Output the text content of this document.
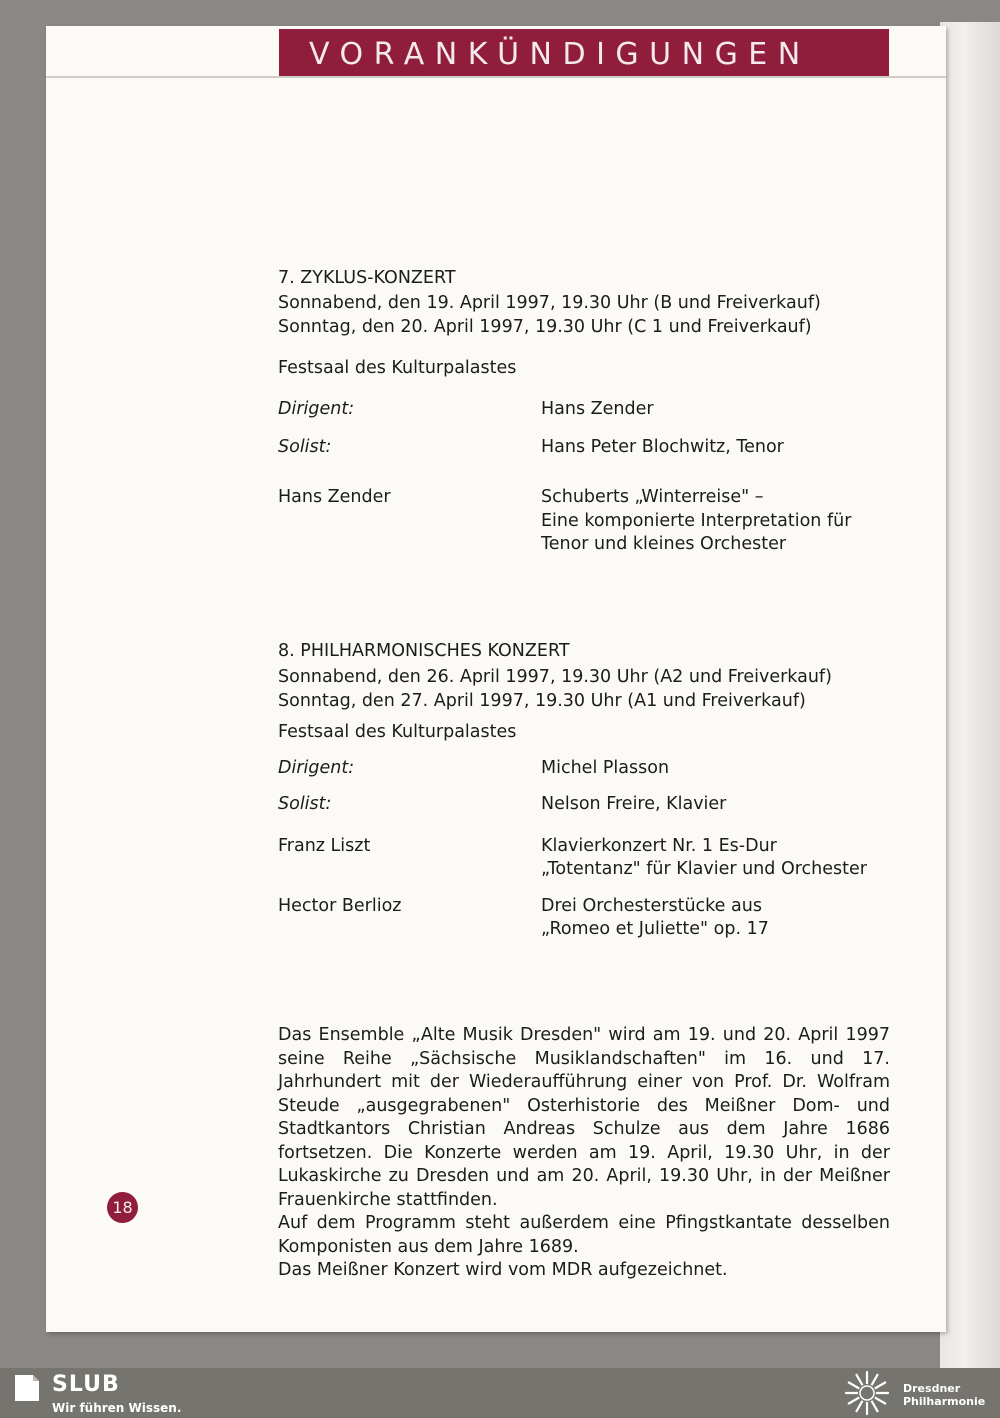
VORANKÜNDIGUNGEN
7. ZYKLUS-KONZERT
Sonnabend, den 19. April 1997, 19.30 Uhr (B und Freiverkauf)
Sonntag, den 20. April 1997, 19.30 Uhr (C 1 und Freiverkauf)
Festsaal des Kulturpalastes
Dirigent:	Hans Zender
Solist:	Hans Peter Blochwitz, Tenor
Hans Zender	Schuberts „Winterreise" –
Eine komponierte Interpretation für
Tenor und kleines Orchester
8. PHILHARMONISCHES KONZERT
Sonnabend, den 26. April 1997, 19.30 Uhr (A2 und Freiverkauf)
Sonntag, den 27. April 1997, 19.30 Uhr (A1 und Freiverkauf)
Festsaal des Kulturpalastes
Dirigent:	Michel Plasson
Solist:	Nelson Freire, Klavier
Franz Liszt	Klavierkonzert Nr. 1 Es-Dur
„Totentanz" für Klavier und Orchester
Hector Berlioz	Drei Orchesterstücke aus
„Romeo et Juliette" op. 17

Das Ensemble „Alte Musik Dresden" wird am 19. und 20. April 1997 seine Reihe „Sächsische Musiklandschaften" im 16. und 17. Jahrhundert mit der Wiederaufführung einer von Prof. Dr. Wolfram Steude „ausgegrabenen" Osterhistorie des Meißner Dom- und Stadtkantors Christian Andreas Schulze aus dem Jahre 1686 fortsetzen. Die Konzerte werden am 19. April, 19.30 Uhr, in der Lukaskirche zu Dresden und am 20. April, 19.30 Uhr, in der Meißner Frauenkirche stattfinden.

Auf dem Programm steht außerdem eine Pfingstkantate desselben Komponisten aus dem Jahre 1689.

Das Meißner Konzert wird vom MDR aufgezeichnet.

18
SLUB
Wir führen Wissen.
Dresdner
Philharmonie
